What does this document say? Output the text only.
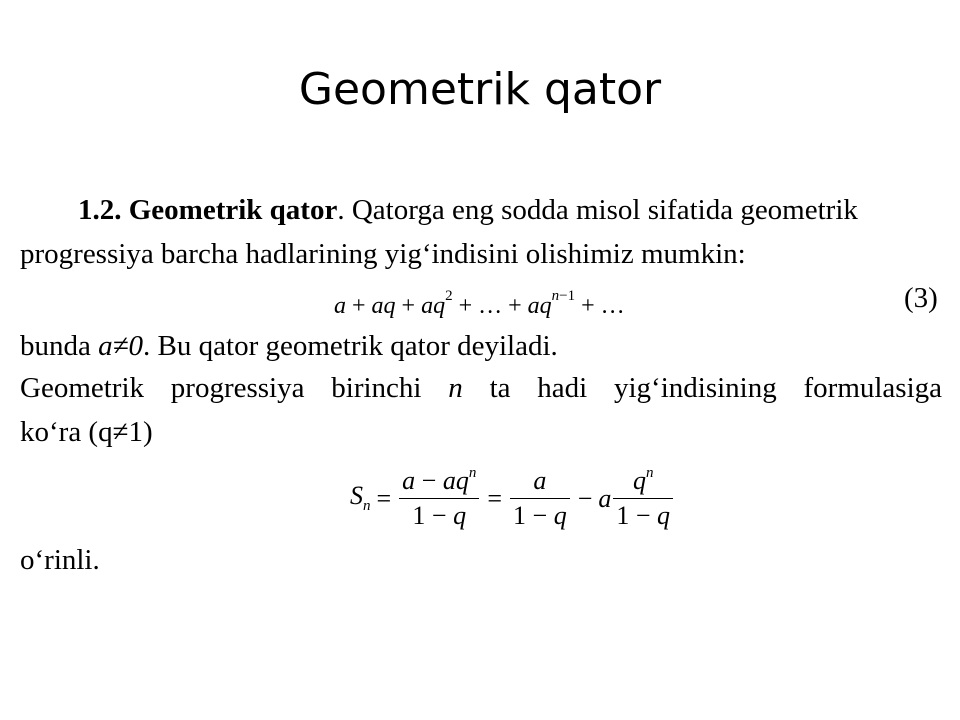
Geometrik qator
1.2. Geometrik qator. Qatorga eng sodda misol sifatida geometrik
progressiya barcha hadlarining yig‘indisini olishimiz mumkin:
a + aq + $aq^2$ + … + $aq^{n-1}$ + …	(3)
bunda a≠0. Bu qator geometrik qator deyiladi.
Geometrik progressiya birinchi n ta hadi yig‘indisining formulasiga
ko‘ra (q≠1)
$S_n = \frac{a - aq^n}{1 - q} = \frac{a}{1 - q} - a \frac{q^n}{1 - q}$
o‘rinli.
